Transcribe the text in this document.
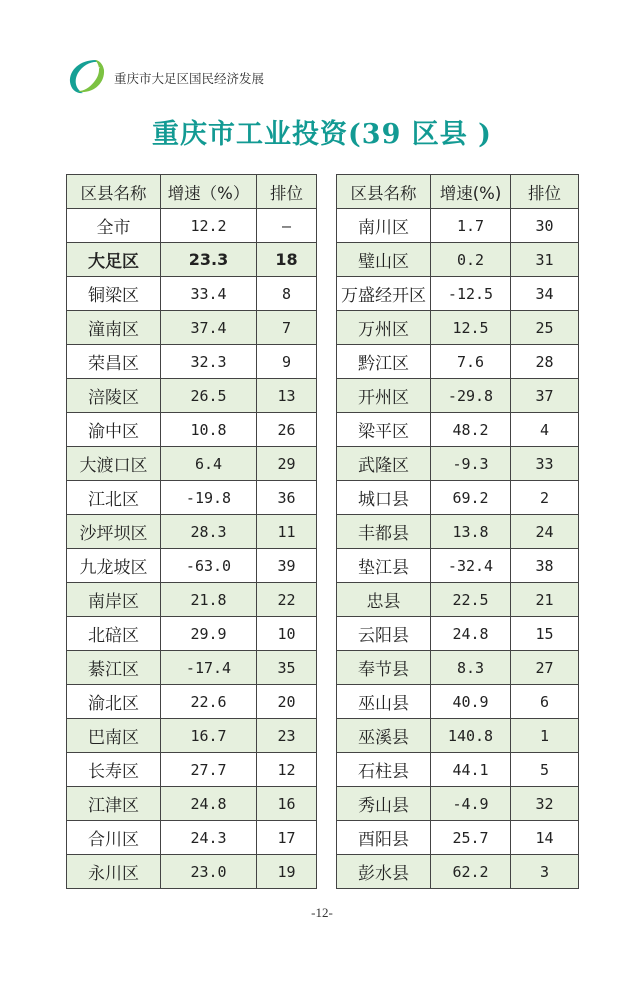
重庆市大足区国民经济发展
重庆市工业投资(39 区县 )
区县名称	增速（%）	排位
全市	12.2	—
大足区	23.3	18
铜梁区	33.4	8
潼南区	37.4	7
荣昌区	32.3	9
涪陵区	26.5	13
渝中区	10.8	26
大渡口区	6.4	29
江北区	-19.8	36
沙坪坝区	28.3	11
九龙坡区	-63.0	39
南岸区	21.8	22
北碚区	29.9	10
綦江区	-17.4	35
渝北区	22.6	20
巴南区	16.7	23
长寿区	27.7	12
江津区	24.8	16
合川区	24.3	17
永川区	23.0	19
区县名称	增速(%)	排位
南川区	1.7	30
璧山区	0.2	31
万盛经开区	-12.5	34
万州区	12.5	25
黔江区	7.6	28
开州区	-29.8	37
梁平区	48.2	4
武隆区	-9.3	33
城口县	69.2	2
丰都县	13.8	24
垫江县	-32.4	38
忠县	22.5	21
云阳县	24.8	15
奉节县	8.3	27
巫山县	40.9	6
巫溪县	140.8	1
石柱县	44.1	5
秀山县	-4.9	32
酉阳县	25.7	14
彭水县	62.2	3
-12-
